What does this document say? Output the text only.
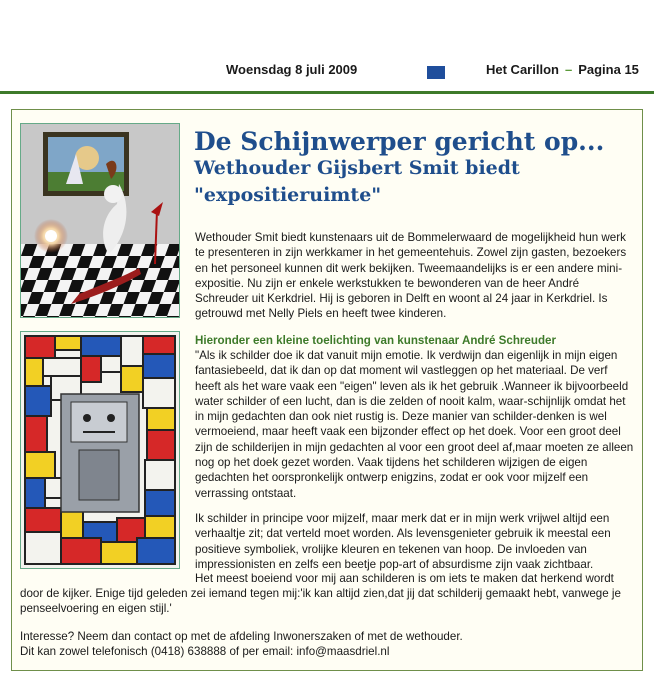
Woensdag 8 juli 2009	Het Carillon – Pagina 15
De Schijnwerper gericht op...
Wethouder Gijsbert Smit biedt
"expositieruimte"
Wethouder Smit biedt kunstenaars uit de Bommelerwaard de mogelijkheid hun werk te presenteren in zijn werkkamer in het gemeentehuis. Zowel zijn gasten, bezoekers en het personeel kunnen dit werk bekijken. Tweemaandelijks is er een andere mini-expositie. Nu zijn er enkele werkstukken te bewonderen van de heer André Schreuder uit Kerkdriel. Hij is geboren in Delft en woont al 24 jaar in Kerkdriel. Is getrouwd met Nelly Piels en heeft twee kinderen.
Hieronder een kleine toelichting van kunstenaar André Schreuder
"Als ik schilder doe ik dat vanuit mijn emotie. Ik verdwijn dan eigenlijk in mijn eigen fantasiebeeld, dat ik dan op dat moment wil vastleggen op het materiaal. De verf heeft als het ware vaak een "eigen" leven als ik het gebruik .Wanneer ik bijvoorbeeld water schilder of een lucht, dan is die zelden of nooit kalm, waar-schijnlijk omdat het in mijn gedachten dan ook niet rustig is. Deze manier van schilder-denken is wel vermoeiend, maar heeft vaak een bijzonder effect op het doek. Voor een groot deel zijn de schilderijen in mijn gedachten al voor een groot deel af,maar moeten ze alleen nog op het doek gezet worden. Vaak tijdens het schilderen wijzigen de eigen gedachten het oorspronkelijk ontwerp enigzins, zodat er ook voor mijzelf een verrassing ontstaat.
Ik schilder in principe voor mijzelf, maar merk dat er in mijn werk vrijwel altijd een verhaaltje zit; dat verteld moet worden. Als levensgenieter gebruik ik meestal een positieve symboliek, vrolijke kleuren en tekenen van hoop. De invloeden van impressionisten en zelfs een beetje pop-art of absurdisme zijn vaak zichtbaar.
Het meest boeiend voor mij aan schilderen is om iets te maken dat herkend wordt
door de kijker. Enige tijd geleden zei iemand tegen mij:'ik kan altijd zien,dat jij dat schilderij gemaakt hebt, vanwege je penseelvoering en eigen stijl.'
Interesse? Neem dan contact op met de afdeling Inwonerszaken of met de wethouder.
Dit kan zowel telefonisch (0418) 638888 of per email: info@maasdriel.nl
